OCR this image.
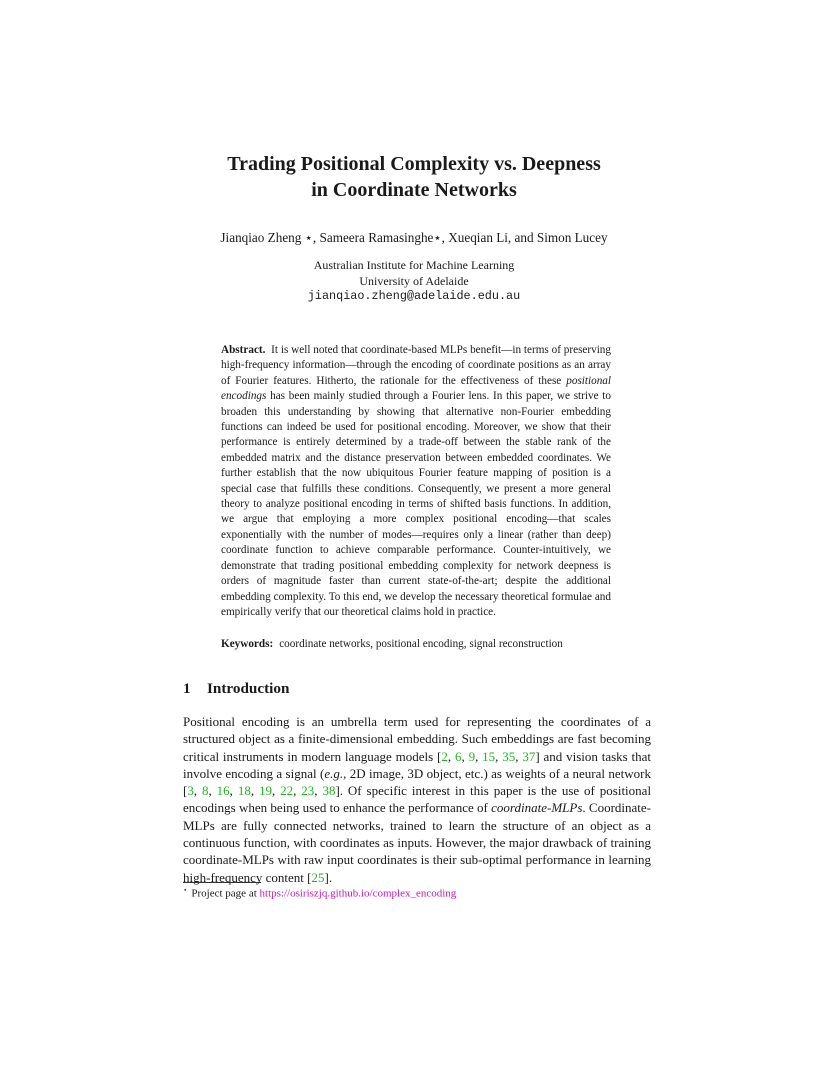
Trading Positional Complexity vs. Deepness
in Coordinate Networks
Jianqiao Zheng ⋆, Sameera Ramasinghe⋆, Xueqian Li, and Simon Lucey
Australian Institute for Machine Learning
University of Adelaide
jianqiao.zheng@adelaide.edu.au
Abstract. It is well noted that coordinate-based MLPs benefit—in terms of preserving high-frequency information—through the encoding of coordinate positions as an array of Fourier features. Hitherto, the rationale for the effectiveness of these positional encodings has been mainly studied through a Fourier lens. In this paper, we strive to broaden this understanding by showing that alternative non-Fourier embedding functions can indeed be used for positional encoding. Moreover, we show that their performance is entirely determined by a trade-off between the stable rank of the embedded matrix and the distance preservation between embedded coordinates. We further establish that the now ubiquitous Fourier feature mapping of position is a special case that fulfills these conditions. Consequently, we present a more general theory to analyze positional encoding in terms of shifted basis functions. In addition, we argue that employing a more complex positional encoding—that scales exponentially with the number of modes—requires only a linear (rather than deep) coordinate function to achieve comparable performance. Counter-intuitively, we demonstrate that trading positional embedding complexity for network deepness is orders of magnitude faster than current state-of-the-art; despite the additional embedding complexity. To this end, we develop the necessary theoretical formulae and empirically verify that our theoretical claims hold in practice.
Keywords: coordinate networks, positional encoding, signal reconstruction
1 Introduction
Positional encoding is an umbrella term used for representing the coordinates of a structured object as a finite-dimensional embedding. Such embeddings are fast becoming critical instruments in modern language models [2, 6, 9, 15, 35, 37] and vision tasks that involve encoding a signal (e.g., 2D image, 3D object, etc.) as weights of a neural network [3, 8, 16, 18, 19, 22, 23, 38]. Of specific interest in this paper is the use of positional encodings when being used to enhance the performance of coordinate-MLPs. Coordinate-MLPs are fully connected networks, trained to learn the structure of an object as a continuous function, with coordinates as inputs. However, the major drawback of training coordinate-MLPs with raw input coordinates is their sub-optimal performance in learning high-frequency content [25].
⋆ Project page at https://osiriszjq.github.io/complex_encoding
